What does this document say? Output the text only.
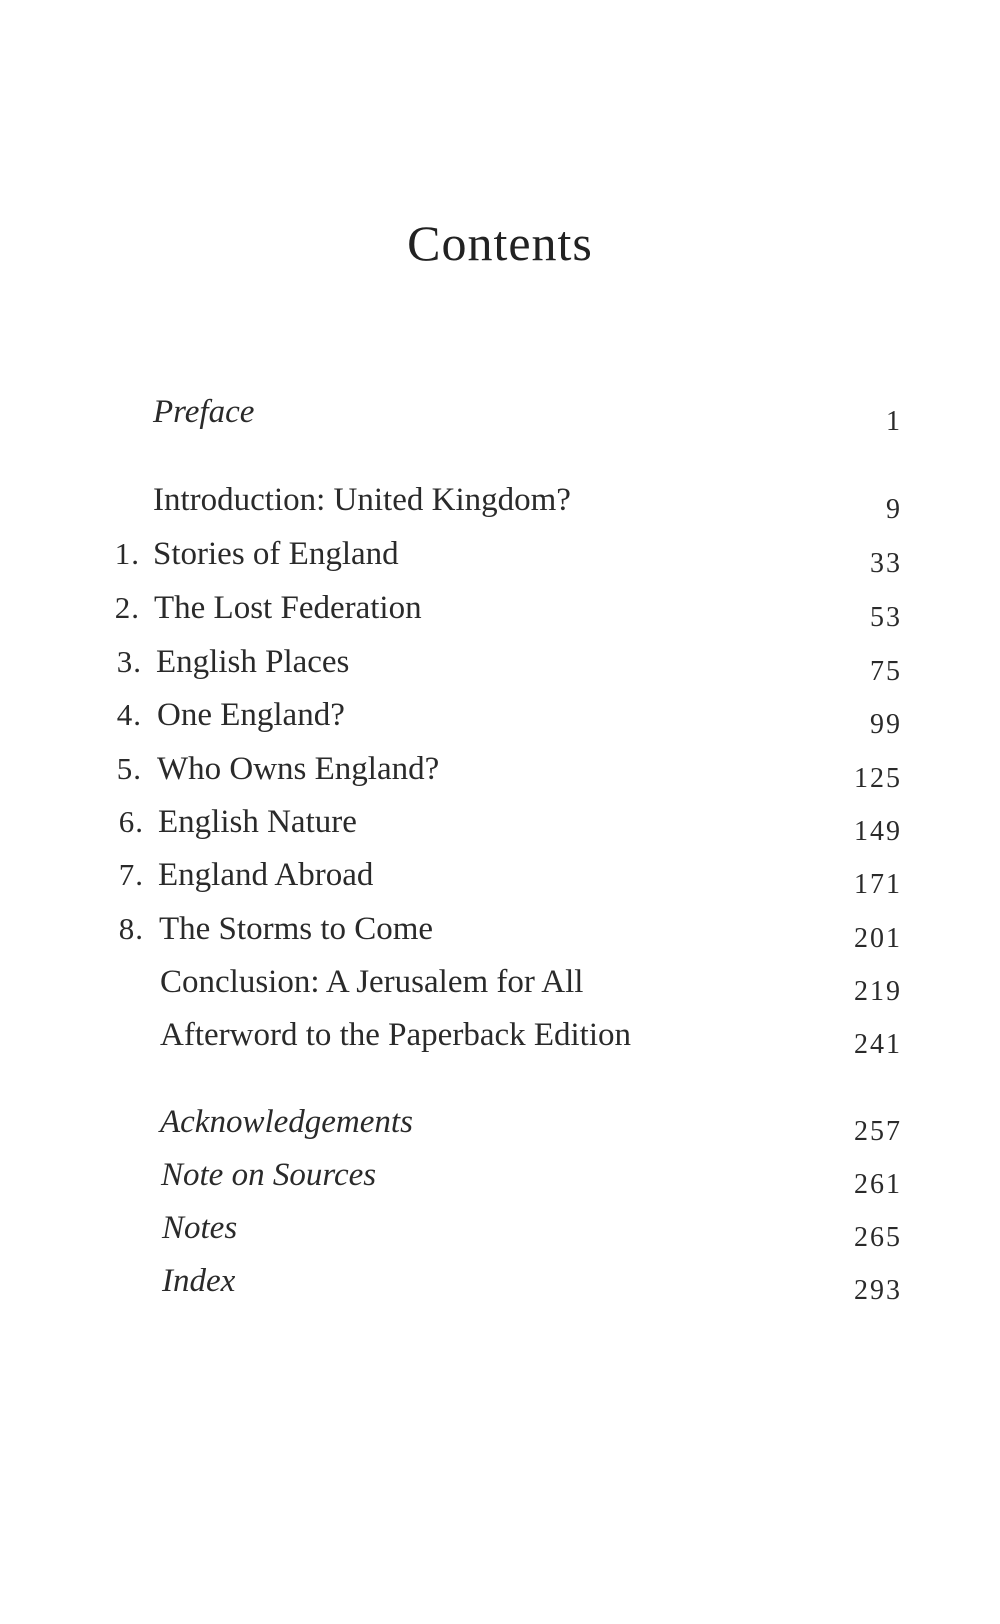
Contents
Preface	1
Introduction: United Kingdom?	9
1. Stories of England	33
2. The Lost Federation	53
3. English Places	75
4. One England?	99
5. Who Owns England?	125
6. English Nature	149
7. England Abroad	171
8. The Storms to Come	201
Conclusion: A Jerusalem for All	219
Afterword to the Paperback Edition	241
Acknowledgements	257
Note on Sources	261
Notes	265
Index	293
